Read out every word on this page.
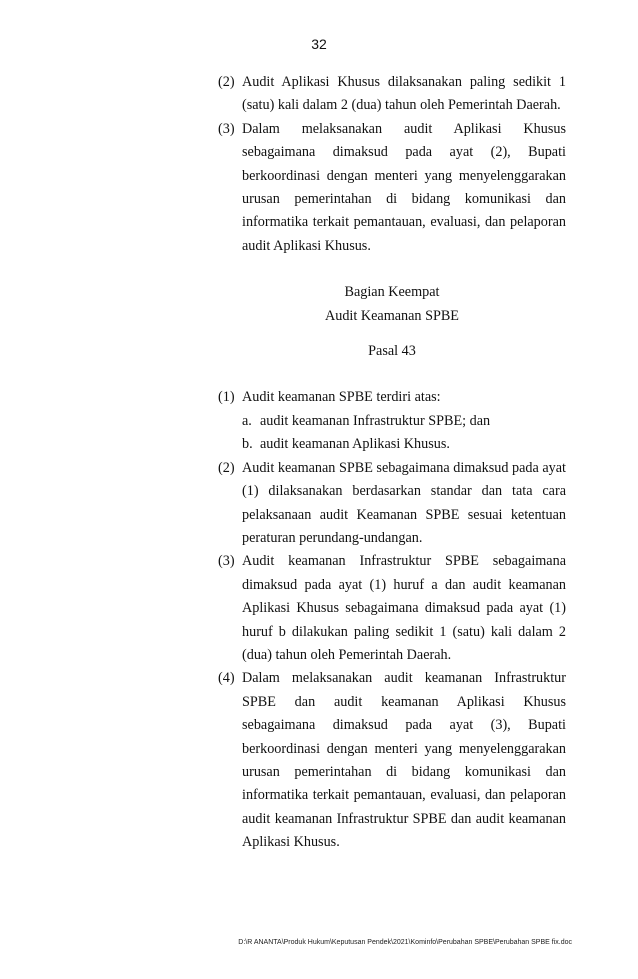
32
(2) Audit Aplikasi Khusus dilaksanakan paling sedikit 1 (satu) kali dalam 2 (dua) tahun oleh Pemerintah Daerah.
(3) Dalam melaksanakan audit Aplikasi Khusus sebagaimana dimaksud pada ayat (2), Bupati berkoordinasi dengan menteri yang menyelenggarakan urusan pemerintahan di bidang komunikasi dan informatika terkait pemantauan, evaluasi, dan pelaporan audit Aplikasi Khusus.
Bagian Keempat
Audit Keamanan SPBE
Pasal 43
(1) Audit keamanan SPBE terdiri atas:
a. audit keamanan Infrastruktur SPBE; dan
b. audit keamanan Aplikasi Khusus.
(2) Audit keamanan SPBE sebagaimana dimaksud pada ayat (1) dilaksanakan berdasarkan standar dan tata cara pelaksanaan audit Keamanan SPBE sesuai ketentuan peraturan perundang-undangan.
(3) Audit keamanan Infrastruktur SPBE sebagaimana dimaksud pada ayat (1) huruf a dan audit keamanan Aplikasi Khusus sebagaimana dimaksud pada ayat (1) huruf b dilakukan paling sedikit 1 (satu) kali dalam 2 (dua) tahun oleh Pemerintah Daerah.
(4) Dalam melaksanakan audit keamanan Infrastruktur SPBE dan audit keamanan Aplikasi Khusus sebagaimana dimaksud pada ayat (3), Bupati berkoordinasi dengan menteri yang menyelenggarakan urusan pemerintahan di bidang komunikasi dan informatika terkait pemantauan, evaluasi, dan pelaporan audit keamanan Infrastruktur SPBE dan audit keamanan Aplikasi Khusus.
D:\R ANANTA\Produk Hukum\Keputusan Pendek\2021\Kominfo\Perubahan SPBE\Perubahan SPBE fix.doc
